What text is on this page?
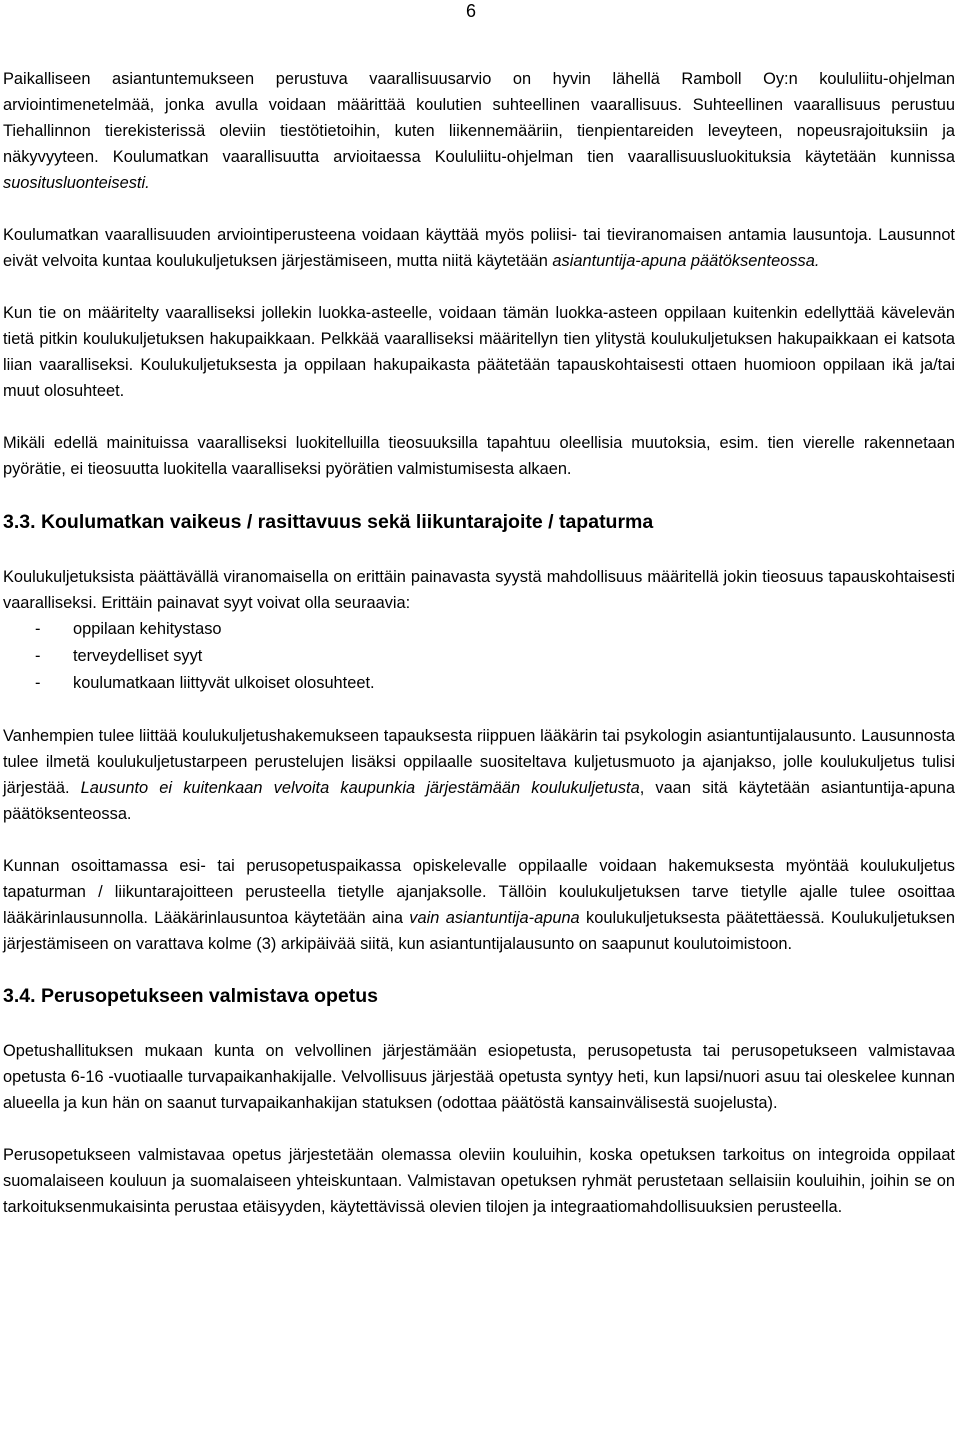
6

Paikalliseen asiantuntemukseen perustuva vaarallisuusarvio on hyvin lähellä Ramboll Oy:n koululiitu-ohjelman arviointimenetelmää, jonka avulla voidaan määrittää koulutien suhteellinen vaarallisuus. Suhteellinen vaarallisuus perustuu Tiehallinnon tierekisterissä oleviin tiestötietoihin, kuten liikennemääriin, tienpientareiden leveyteen, nopeusrajoituksiin ja näkyvyyteen. Koulumatkan vaarallisuutta arvioitaessa Koululiitu-ohjelman tien vaarallisuusluokituksia käytetään kunnissa suositusluonteisesti.

Koulumatkan vaarallisuuden arviointiperusteena voidaan käyttää myös poliisi- tai tieviranomaisen antamia lausuntoja. Lausunnot eivät velvoita kuntaa koulukuljetuksen järjestämiseen, mutta niitä käytetään asiantuntija-apuna päätöksenteossa.

Kun tie on määritelty vaaralliseksi jollekin luokka-asteelle, voidaan tämän luokka-asteen oppilaan kuitenkin edellyttää kävelevän tietä pitkin koulukuljetuksen hakupaikkaan. Pelkkää vaaralliseksi määritellyn tien ylitystä koulukuljetuksen hakupaikkaan ei katsota liian vaaralliseksi. Koulukuljetuksesta ja oppilaan hakupaikasta päätetään tapauskohtaisesti ottaen huomioon oppilaan ikä ja/tai muut olosuhteet.

Mikäli edellä mainituissa vaaralliseksi luokitelluilla tieosuuksilla tapahtuu oleellisia muutoksia, esim. tien vierelle rakennetaan pyörätie, ei tieosuutta luokitella vaaralliseksi pyörätien valmistumisesta alkaen.

3.3. Koulumatkan vaikeus / rasittavuus sekä liikuntarajoite / tapaturma

Koulukuljetuksista päättävällä viranomaisella on erittäin painavasta syystä mahdollisuus määritellä jokin tieosuus tapauskohtaisesti vaaralliseksi. Erittäin painavat syyt voivat olla seuraavia:

- oppilaan kehitystaso
- terveydelliset syyt
- koulumatkaan liittyvät ulkoiset olosuhteet.

Vanhempien tulee liittää koulukuljetushakemukseen tapauksesta riippuen lääkärin tai psykologin asiantuntijalausunto. Lausunnosta tulee ilmetä koulukuljetustarpeen perustelujen lisäksi oppilaalle suositeltava kuljetusmuoto ja ajanjakso, jolle koulukuljetus tulisi järjestää. Lausunto ei kuitenkaan velvoita kaupunkia järjestämään koulukuljetusta, vaan sitä käytetään asiantuntija-apuna päätöksenteossa.

Kunnan osoittamassa esi- tai perusopetuspaikassa opiskelevalle oppilaalle voidaan hakemuksesta myöntää koulukuljetus tapaturman / liikuntarajoitteen perusteella tietylle ajanjaksolle. Tällöin koulukuljetuksen tarve tietylle ajalle tulee osoittaa lääkärinlausunnolla. Lääkärinlausuntoa käytetään aina vain asiantuntija-apuna koulukuljetuksesta päätettäessä. Koulukuljetuksen järjestämiseen on varattava kolme (3) arkipäivää siitä, kun asiantuntijalausunto on saapunut koulutoimistoon.

3.4. Perusopetukseen valmistava opetus

Opetushallituksen mukaan kunta on velvollinen järjestämään esiopetusta, perusopetusta tai perusopetukseen valmistavaa opetusta 6-16 -vuotiaalle turvapaikanhakijalle. Velvollisuus järjestää opetusta syntyy heti, kun lapsi/nuori asuu tai oleskelee kunnan alueella ja kun hän on saanut turvapaikanhakijan statuksen (odottaa päätöstä kansainvälisestä suojelusta).

Perusopetukseen valmistavaa opetus järjestetään olemassa oleviin kouluihin, koska opetuksen tarkoitus on integroida oppilaat suomalaiseen kouluun ja suomalaiseen yhteiskuntaan. Valmistavan opetuksen ryhmät perustetaan sellaisiin kouluihin, joihin se on tarkoituksenmukaisinta perustaa etäisyyden, käytettävissä olevien tilojen ja integraatiomahdollisuuksien perusteella.
